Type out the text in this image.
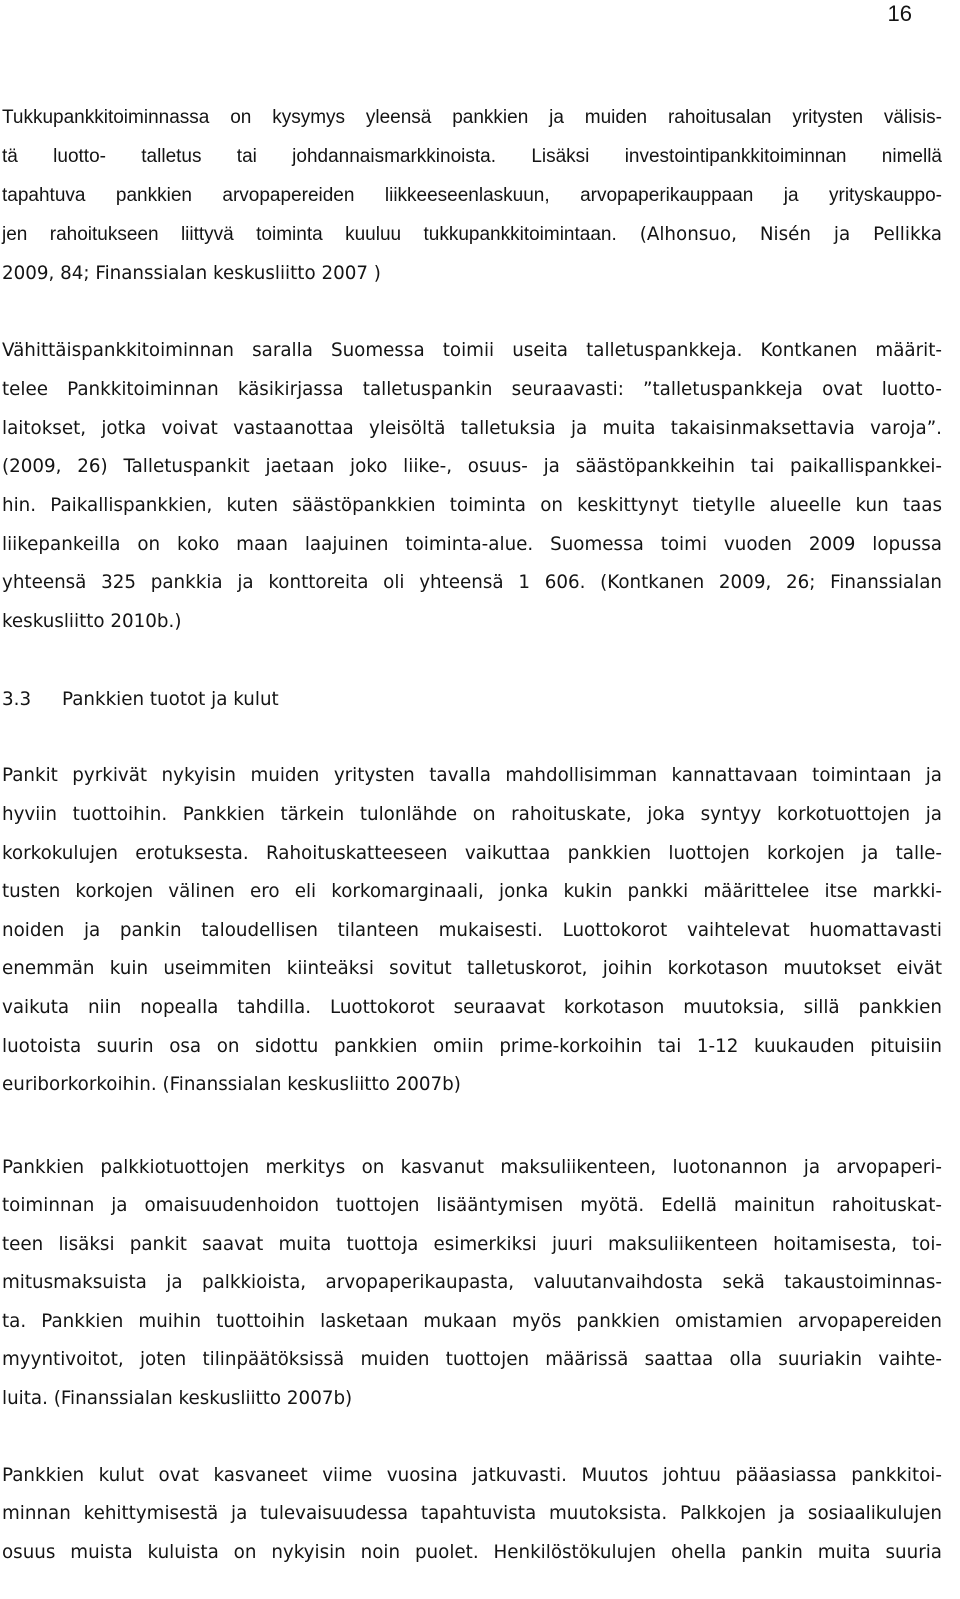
16
Tukkupankkitoiminnassa on kysymys yleensä pankkien ja muiden rahoitusalan yritysten välisis-
tä luotto- talletus tai johdannaismarkkinoista. Lisäksi investointipankkitoiminnan nimellä
tapahtuva pankkien arvopapereiden liikkeeseenlaskuun, arvopaperikauppaan ja yrityskauppo-
jen rahoitukseen liittyvä toiminta kuuluu tukkupankkitoimintaan. (Alhonsuo, Nisén ja Pellikka
2009, 84; Finanssialan keskusliitto 2007 )
Vähittäispankkitoiminnan saralla Suomessa toimii useita talletuspankkeja. Kontkanen määrit-
telee Pankkitoiminnan käsikirjassa talletuspankin seuraavasti: ”talletuspankkeja ovat luotto-
laitokset, jotka voivat vastaanottaa yleisöltä talletuksia ja muita takaisinmaksettavia varoja”.
(2009, 26) Talletuspankit jaetaan joko liike-, osuus- ja säästöpankkeihin tai paikallispankkei-
hin. Paikallispankkien, kuten säästöpankkien toiminta on keskittynyt tietylle alueelle kun taas
liikepankeilla on koko maan laajuinen toiminta-alue. Suomessa toimi vuoden 2009 lopussa
yhteensä 325 pankkia ja konttoreita oli yhteensä 1 606. (Kontkanen 2009, 26; Finanssialan
keskusliitto 2010b.)
3.3 Pankkien tuotot ja kulut
Pankit pyrkivät nykyisin muiden yritysten tavalla mahdollisimman kannattavaan toimintaan ja
hyviin tuottoihin. Pankkien tärkein tulonlähde on rahoituskate, joka syntyy korkotuottojen ja
korkokulujen erotuksesta. Rahoituskatteeseen vaikuttaa pankkien luottojen korkojen ja talle-
tusten korkojen välinen ero eli korkomarginaali, jonka kukin pankki määrittelee itse markki-
noiden ja pankin taloudellisen tilanteen mukaisesti. Luottokorot vaihtelevat huomattavasti
enemmän kuin useimmiten kiinteäksi sovitut talletuskorot, joihin korkotason muutokset eivät
vaikuta niin nopealla tahdilla. Luottokorot seuraavat korkotason muutoksia, sillä pankkien
luotoista suurin osa on sidottu pankkien omiin prime-korkoihin tai 1-12 kuukauden pituisiin
euriborkorkoihin. (Finanssialan keskusliitto 2007b)
Pankkien palkkiotuottojen merkitys on kasvanut maksuliikenteen, luotonannon ja arvopaperi-
toiminnan ja omaisuudenhoidon tuottojen lisääntymisen myötä. Edellä mainitun rahoituskat-
teen lisäksi pankit saavat muita tuottoja esimerkiksi juuri maksuliikenteen hoitamisesta, toi-
mitusmaksuista ja palkkioista, arvopaperikaupasta, valuutanvaihdosta sekä takaustoiminnas-
ta. Pankkien muihin tuottoihin lasketaan mukaan myös pankkien omistamien arvopapereiden
myyntivoitot, joten tilinpäätöksissä muiden tuottojen määrissä saattaa olla suuriakin vaihte-
luita. (Finanssialan keskusliitto 2007b)
Pankkien kulut ovat kasvaneet viime vuosina jatkuvasti. Muutos johtuu pääasiassa pankkitoi-
minnan kehittymisestä ja tulevaisuudessa tapahtuvista muutoksista. Palkkojen ja sosiaalikulujen
osuus muista kuluista on nykyisin noin puolet. Henkilöstökulujen ohella pankin muita suuria
